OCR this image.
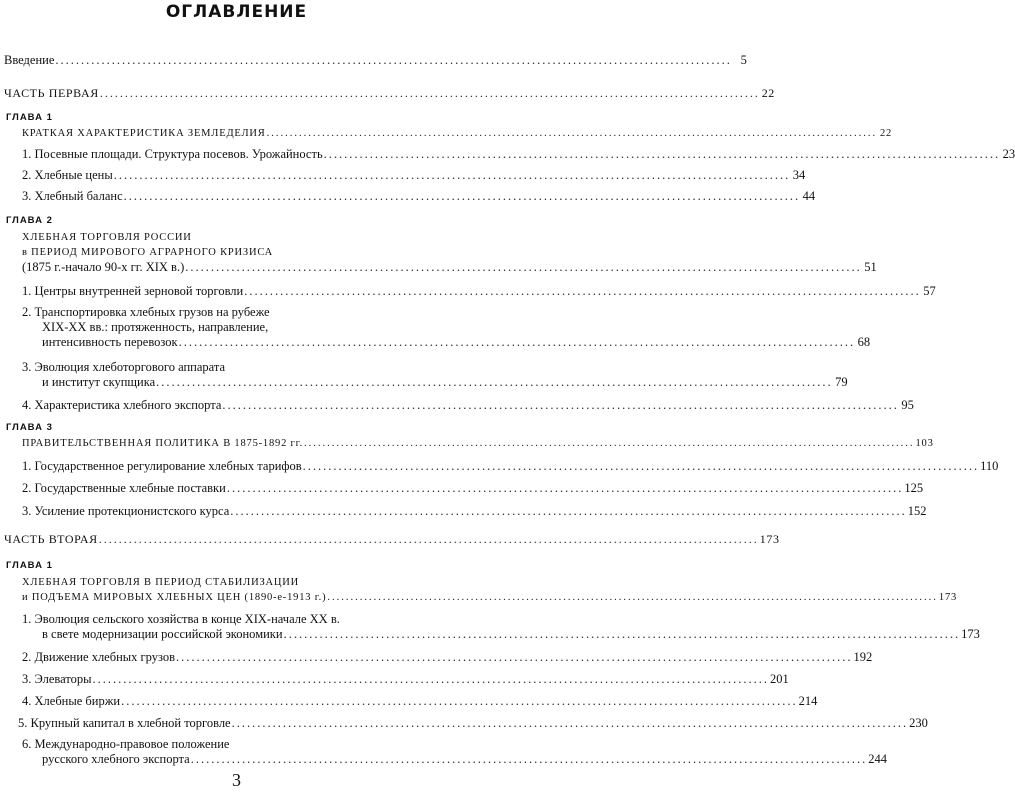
ОГЛАВЛЕНИЕ
Введение .................................................................................................................................... 5
ЧАСТЬ ПЕРВАЯ .................................................................................................................................... 22
ГЛАВА 1
КРАТКАЯ ХАРАКТЕРИСТИКА ЗЕМЛЕДЕЛИЯ .................................................................................................................................... 22
1. Посевные площади. Структура посевов. Урожайность .................................................................................................................................... 23
2. Хлебные цены .................................................................................................................................... 34
3. Хлебный баланс .................................................................................................................................... 44
ГЛАВА 2
ХЛЕБНАЯ ТОРГОВЛЯ РОССИИ
в ПЕРИОД МИРОВОГО АГРАРНОГО КРИЗИСА
(1875 г.-начало 90-х гг. XIX в.) .................................................................................................................................... 51
1. Центры внутренней зерновой торговли .................................................................................................................................... 57
2. Транспортировка хлебных грузов на рубеже
XIX-XX вв.: протяженность, направление,
интенсивность перевозок .................................................................................................................................... 68
3. Эволюция хлеботоргового аппарата
и институт скупщика .................................................................................................................................... 79
4. Характеристика хлебного экспорта .................................................................................................................................... 95
ГЛАВА 3
ПРАВИТЕЛЬСТВЕННАЯ ПОЛИТИКА В 1875-1892 гг. .................................................................................................................................... 103
1. Государственное регулирование хлебных тарифов .................................................................................................................................... 110
2. Государственные хлебные поставки .................................................................................................................................... 125
3. Усиление протекционистского курса .................................................................................................................................... 152
ЧАСТЬ ВТОРАЯ .................................................................................................................................... 173
ГЛАВА 1
ХЛЕБНАЯ ТОРГОВЛЯ В ПЕРИОД СТАБИЛИЗАЦИИ
и ПОДЪЕМА МИРОВЫХ ХЛЕБНЫХ ЦЕН (1890-е-1913 г.) .................................................................................................................................... 173
1. Эволюция сельского хозяйства в конце XIX-начале XX в.
в свете модернизации российской экономики .................................................................................................................................... 173
2. Движение хлебных грузов .................................................................................................................................... 192
3. Элеваторы .................................................................................................................................... 201
4. Хлебные биржи .................................................................................................................................... 214
5. Крупный капитал в хлебной торговле .................................................................................................................................... 230
6. Международно-правовое положение
русского хлебного экспорта .................................................................................................................................... 244
3
